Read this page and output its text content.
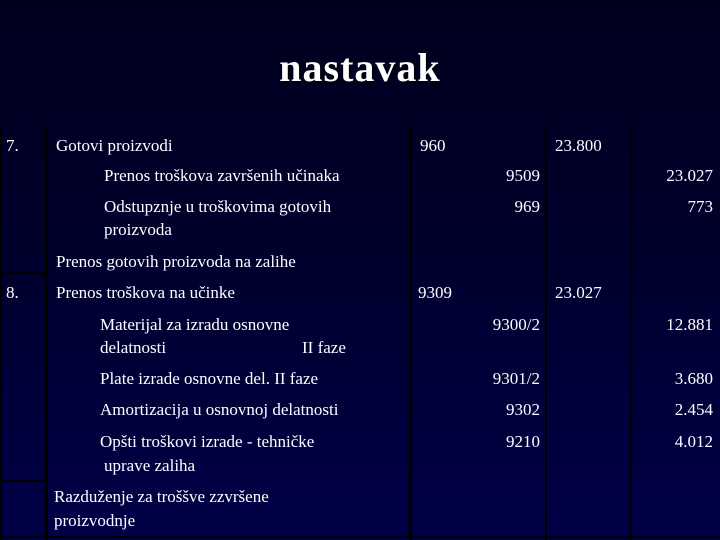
nastavak
7. Gotovi proizvodi	960	23.800
Prenos troškova završenih učinaka	9509	23.027
Odstupznje u troškovima gotovih
proizvoda
969	773
Prenos gotovih proizvoda na zalihe
8. Prenos troškova na učinke	9309	23.027
Materijal za izradu osnovne
delatnosti	II faze
9300/2	12.881
Plate izrade osnovne del. II faze	9301/2	3.680
Amortizacija u osnovnoj delatnosti	9302	2.454
Opšti troškovi izrade - tehničke
uprave zaliha
9210	4.012
Razduženje za troššve zzvršene
proizvodnje
